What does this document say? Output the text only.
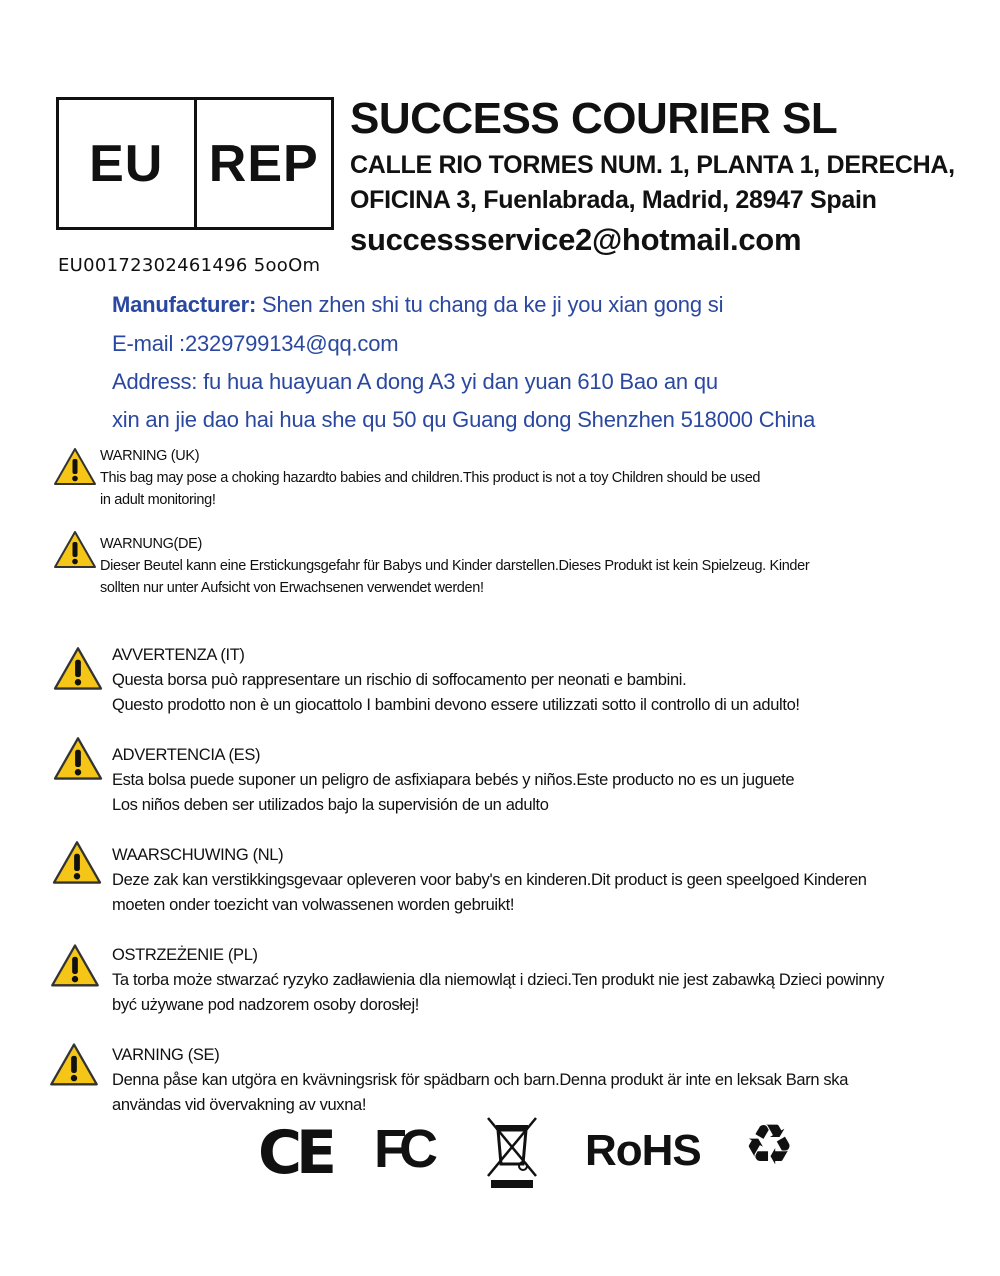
EU REP
EU00172302461496 5ooOm
SUCCESS COURIER SL
CALLE RIO TORMES NUM. 1, PLANTA 1, DERECHA,
OFICINA 3, Fuenlabrada, Madrid, 28947 Spain
successservice2@hotmail.com
Manufacturer: Shen zhen shi tu chang da ke ji you xian gong si
E-mail :2329799134@qq.com
Address: fu hua huayuan A dong A3 yi dan yuan 610 Bao an qu
xin an jie dao hai hua she qu 50 qu Guang dong Shenzhen 518000 China
WARNING (UK)
This bag may pose a choking hazardto babies and children.This product is not a toy Children should be used
in adult monitoring!
WARNUNG(DE)
Dieser Beutel kann eine Erstickungsgefahr für Babys und Kinder darstellen.Dieses Produkt ist kein Spielzeug. Kinder
sollten nur unter Aufsicht von Erwachsenen verwendet werden!
AVVERTENZA (IT)
Questa borsa può rappresentare un rischio di soffocamento per neonati e bambini.
Questo prodotto non è un giocattolo I bambini devono essere utilizzati sotto il controllo di un adulto!
ADVERTENCIA (ES)
Esta bolsa puede suponer un peligro de asfixiapara bebés y niños.Este producto no es un juguete
Los niños deben ser utilizados bajo la supervisión de un adulto
WAARSCHUWING (NL)
Deze zak kan verstikkingsgevaar opleveren voor baby's en kinderen.Dit product is geen speelgoed Kinderen
moeten onder toezicht van volwassenen worden gebruikt!
OSTRZEŻENIE (PL)
Ta torba może stwarzać ryzyko zadławienia dla niemowląt i dzieci.Ten produkt nie jest zabawką Dzieci powinny
być używane pod nadzorem osoby dorosłej!
VARNING (SE)
Denna påse kan utgöra en kvävningsrisk för spädbarn och barn.Denna produkt är inte en leksak Barn ska
användas vid övervakning av vuxna!
CE FC	RoHS ♻
